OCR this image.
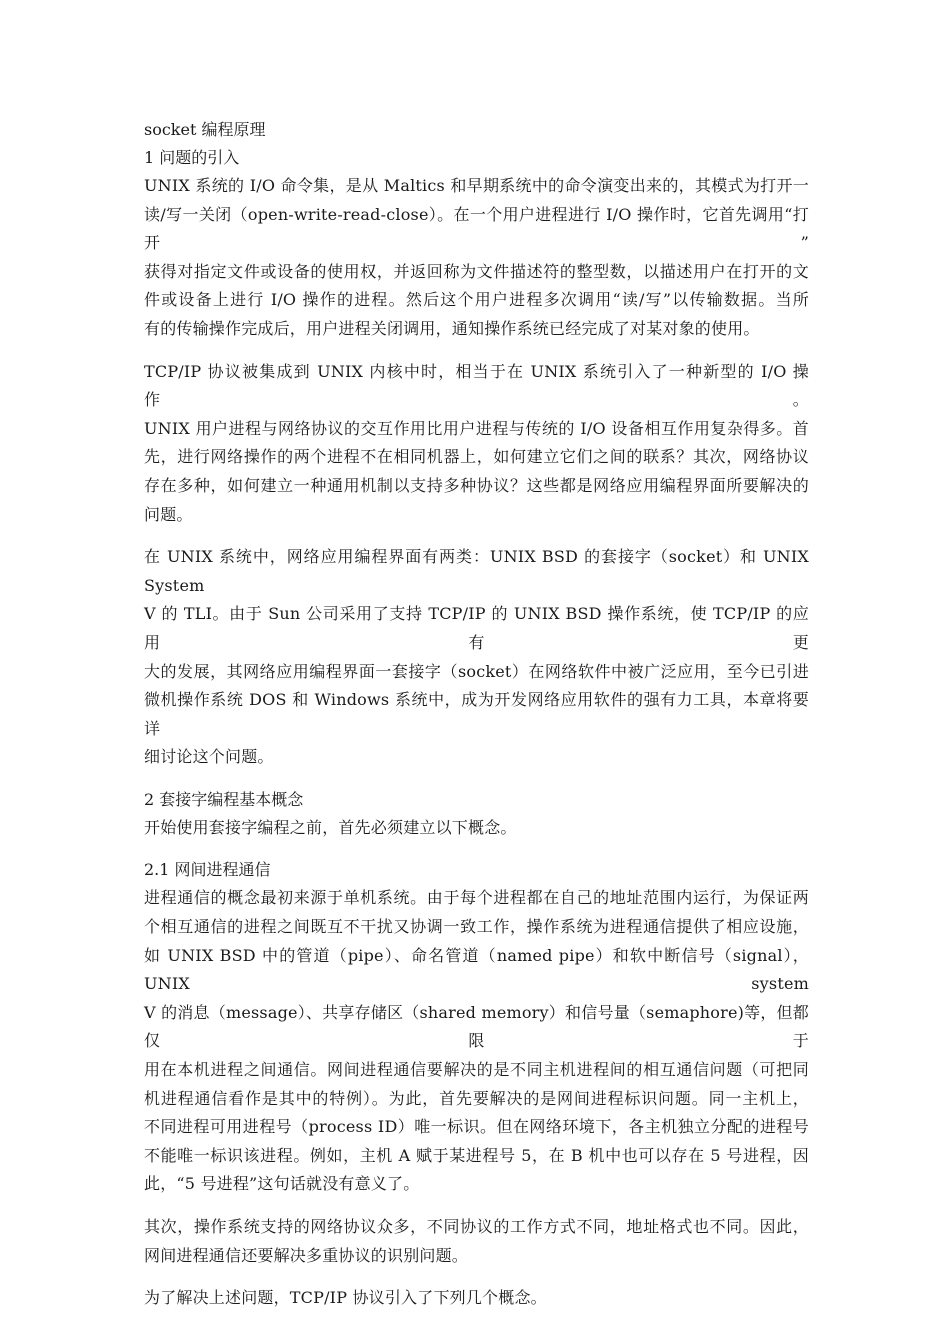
socket 编程原理
1 问题的引入
UNIX 系统的 I/O 命令集，是从 Maltics 和早期系统中的命令演变出来的，其模式为打开一
读/写一关闭（open-write-read-close）。在一个用户进程进行 I/O 操作时，它首先调用“打开”
获得对指定文件或设备的使用权，并返回称为文件描述符的整型数，以描述用户在打开的文
件或设备上进行 I/O 操作的进程。然后这个用户进程多次调用“读/写”以传输数据。当所
有的传输操作完成后，用户进程关闭调用，通知操作系统已经完成了对某对象的使用。
TCP/IP 协议被集成到 UNIX 内核中时，相当于在 UNIX 系统引入了一种新型的 I/O 操作。
UNIX 用户进程与网络协议的交互作用比用户进程与传统的 I/O 设备相互作用复杂得多。首
先，进行网络操作的两个进程不在相同机器上，如何建立它们之间的联系？其次，网络协议
存在多种，如何建立一种通用机制以支持多种协议？这些都是网络应用编程界面所要解决的
问题。
在 UNIX 系统中，网络应用编程界面有两类：UNIX BSD 的套接字（socket）和 UNIX System
V 的 TLI。由于 Sun 公司采用了支持 TCP/IP 的 UNIX BSD 操作系统，使 TCP/IP 的应用有更
大的发展，其网络应用编程界面一套接字（socket）在网络软件中被广泛应用，至今已引进
微机操作系统 DOS 和 Windows 系统中，成为开发网络应用软件的强有力工具，本章将要详
细讨论这个问题。
2 套接字编程基本概念
开始使用套接字编程之前，首先必须建立以下概念。
2.1 网间进程通信
进程通信的概念最初来源于单机系统。由于每个进程都在自己的地址范围内运行，为保证两
个相互通信的进程之间既互不干扰又协调一致工作，操作系统为进程通信提供了相应设施，
如 UNIX BSD 中的管道（pipe）、命名管道（named pipe）和软中断信号（signal），UNIX system
V 的消息（message）、共享存储区（shared memory）和信号量（semaphore)等，但都仅限于
用在本机进程之间通信。网间进程通信要解决的是不同主机进程间的相互通信问题（可把同
机进程通信看作是其中的特例）。为此，首先要解决的是网间进程标识问题。同一主机上，
不同进程可用进程号（process ID）唯一标识。但在网络环境下，各主机独立分配的进程号
不能唯一标识该进程。例如，主机 A 赋于某进程号 5，在 B 机中也可以存在 5 号进程，因
此，“5 号进程”这句话就没有意义了。
其次，操作系统支持的网络协议众多，不同协议的工作方式不同，地址格式也不同。因此，
网间进程通信还要解决多重协议的识别问题。
为了解决上述问题，TCP/IP 协议引入了下列几个概念。
